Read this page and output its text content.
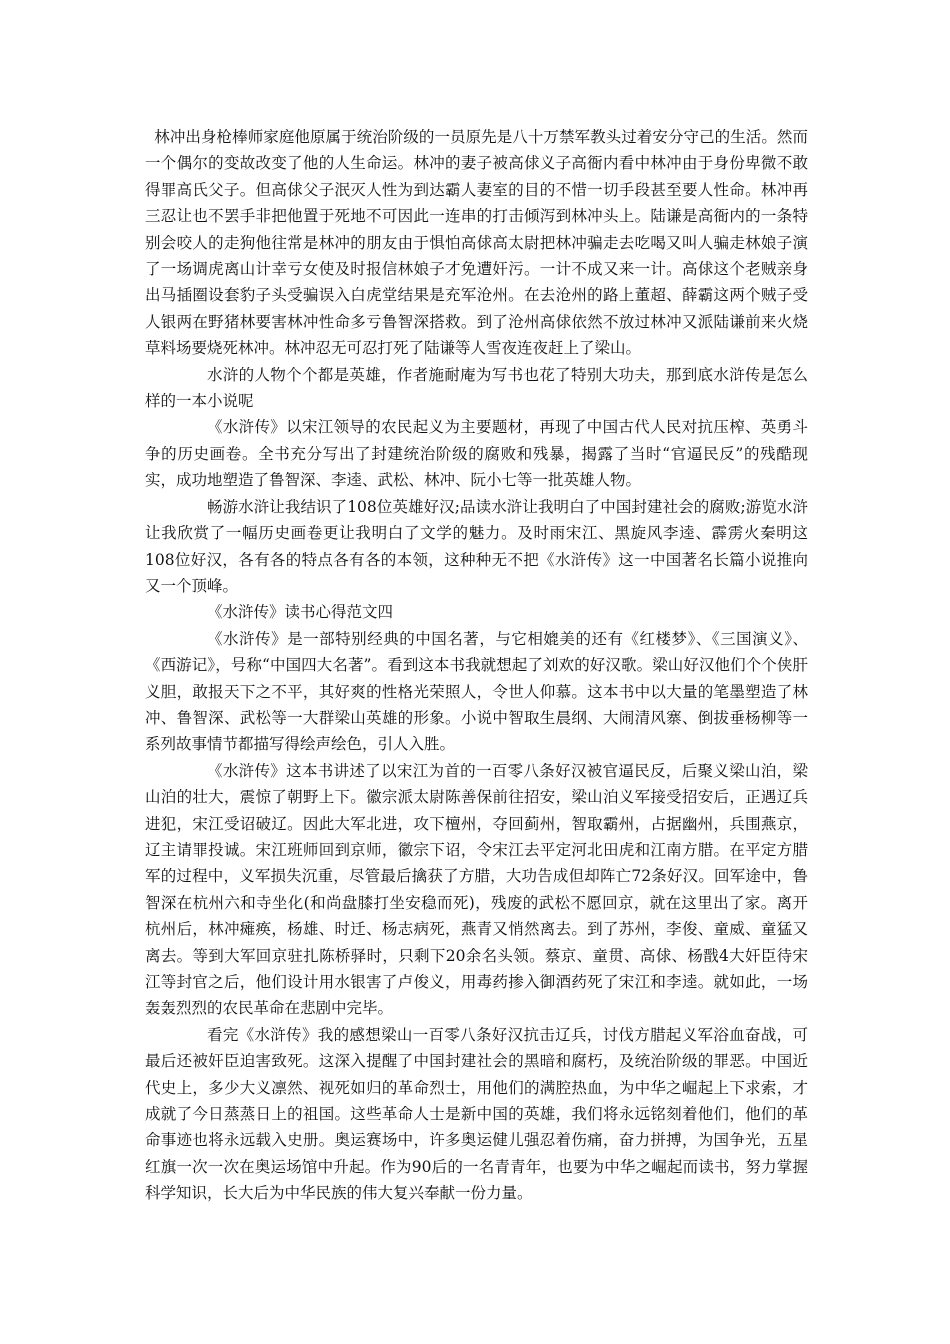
林冲出身枪棒师家庭他原属于统治阶级的一员原先是八十万禁军教头过着安分守己的生活。然而一个偶尔的变故改变了他的人生命运。林冲的妻子被高俅义子高衙内看中林冲由于身份卑微不敢得罪高氏父子。但高俅父子泯灭人性为到达霸人妻室的目的不惜一切手段甚至要人性命。林冲再三忍让也不罢手非把他置于死地不可因此一连串的打击倾泻到林冲头上。陆谦是高衙内的一条特别会咬人的走狗他往常是林冲的朋友由于惧怕高俅高太尉把林冲骗走去吃喝又叫人骗走林娘子演了一场调虎离山计幸亏女使及时报信林娘子才免遭奸污。一计不成又来一计。高俅这个老贼亲身出马插圈设套豹子头受骗误入白虎堂结果是充军沧州。在去沧州的路上董超、薛霸这两个贼子受人银两在野猪林要害林冲性命多亏鲁智深搭救。到了沧州高俅依然不放过林冲又派陆谦前来火烧草料场要烧死林冲。林冲忍无可忍打死了陆谦等人雪夜连夜赶上了梁山。

水浒的人物个个都是英雄，作者施耐庵为写书也花了特别大功夫，那到底水浒传是怎么样的一本小说呢

《水浒传》以宋江领导的农民起义为主要题材，再现了中国古代人民对抗压榨、英勇斗争的历史画卷。全书充分写出了封建统治阶级的腐败和残暴，揭露了当时“官逼民反”的残酷现实，成功地塑造了鲁智深、李逵、武松、林冲、阮小七等一批英雄人物。

畅游水浒让我结识了108位英雄好汉;品读水浒让我明白了中国封建社会的腐败;游览水浒让我欣赏了一幅历史画卷更让我明白了文学的魅力。及时雨宋江、黑旋风李逵、霹雳火秦明这108位好汉，各有各的特点各有各的本领，这种种无不把《水浒传》这一中国著名长篇小说推向又一个顶峰。

《水浒传》读书心得范文四

《水浒传》是一部特别经典的中国名著，与它相媲美的还有《红楼梦》、《三国演义》、《西游记》，号称“中国四大名著”。看到这本书我就想起了刘欢的好汉歌。梁山好汉他们个个侠肝义胆，敢报天下之不平，其好爽的性格光荣照人，令世人仰慕。这本书中以大量的笔墨塑造了林冲、鲁智深、武松等一大群梁山英雄的形象。小说中智取生晨纲、大闹清风寨、倒拔垂杨柳等一系列故事情节都描写得绘声绘色，引人入胜。

《水浒传》这本书讲述了以宋江为首的一百零八条好汉被官逼民反，后聚义梁山泊，梁山泊的壮大，震惊了朝野上下。徽宗派太尉陈善保前往招安，梁山泊义军接受招安后，正遇辽兵进犯，宋江受诏破辽。因此大军北进，攻下檀州，夺回蓟州，智取霸州，占据幽州，兵围燕京，辽主请罪投诚。宋江班师回到京师，徽宗下诏，令宋江去平定河北田虎和江南方腊。在平定方腊军的过程中，义军损失沉重，尽管最后擒获了方腊，大功告成但却阵亡72条好汉。回军途中，鲁智深在杭州六和寺坐化(和尚盘膝打坐安稳而死)，残废的武松不愿回京，就在这里出了家。离开杭州后，林冲瘫痪，杨雄、时迁、杨志病死，燕青又悄然离去。到了苏州，李俊、童威、童猛又离去。等到大军回京驻扎陈桥驿时，只剩下20余名头领。蔡京、童贯、高俅、杨戬4大奸臣待宋江等封官之后，他们设计用水银害了卢俊义，用毒药掺入御酒药死了宋江和李逵。就如此，一场轰轰烈烈的农民革命在悲剧中完毕。

看完《水浒传》我的感想梁山一百零八条好汉抗击辽兵，讨伐方腊起义军浴血奋战，可最后还被奸臣迫害致死。这深入提醒了中国封建社会的黑暗和腐朽，及统治阶级的罪恶。中国近代史上，多少大义凛然、视死如归的革命烈士，用他们的满腔热血，为中华之崛起上下求索，才成就了今日蒸蒸日上的祖国。这些革命人士是新中国的英雄，我们将永远铭刻着他们，他们的革命事迹也将永远载入史册。奥运赛场中，许多奥运健儿强忍着伤痛，奋力拼搏，为国争光，五星红旗一次一次在奥运场馆中升起。作为90后的一名青青年，也要为中华之崛起而读书，努力掌握科学知识，长大后为中华民族的伟大复兴奉献一份力量。
